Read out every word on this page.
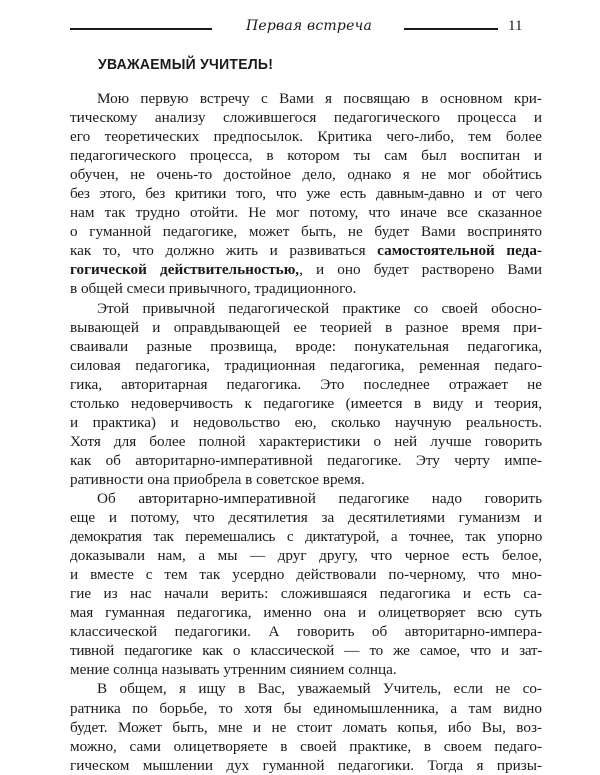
Первая встреча	11
УВАЖАЕМЫЙ УЧИТЕЛЬ!
Мою первую встречу с Вами я посвящаю в основном кри-
тическому анализу сложившегося педагогического процесса и
его теоретических предпосылок. Критика чего-либо, тем более
педагогического процесса, в котором ты сам был воспитан и
обучен, не очень-то достойное дело, однако я не мог обойтись
без этого, без критики того, что уже есть давным-давно и от чего
нам так трудно отойти. Не мог потому, что иначе все сказанное
о гуманной педагогике, может быть, не будет Вами воспринято
как то, что должно жить и развиваться самостоятельной педа-
гогической действительностью,, и оно будет растворено Вами
в общей смеси привычного, традиционного.
Этой привычной педагогической практике со своей обосно-
вывающей и оправдывающей ее теорией в разное время при-
сваивали разные прозвища, вроде: понукательная педагогика,
силовая педагогика, традиционная педагогика, ременная педаго-
гика, авторитарная педагогика. Это последнее отражает не
столько недоверчивость к педагогике (имеется в виду и теория,
и практика) и недовольство ею, сколько научную реальность.
Хотя для более полной характеристики о ней лучше говорить
как об авторитарно-императивной педагогике. Эту черту импе-
ративности она приобрела в советское время.
Об авторитарно-императивной педагогике надо говорить
еще и потому, что десятилетия за десятилетиями гуманизм и
демократия так перемешались с диктатурой, а точнее, так упорно
доказывали нам, а мы — друг другу, что черное есть белое,
и вместе с тем так усердно действовали по-черному, что мно-
гие из нас начали верить: сложившаяся педагогика и есть са-
мая гуманная педагогика, именно она и олицетворяет всю суть
классической педагогики. А говорить об авторитарно-импера-
тивной педагогике как о классической — то же самое, что и зат-
мение солнца называть утренним сиянием солнца.
В общем, я ищу в Вас, уважаемый Учитель, если не со-
ратника по борьбе, то хотя бы единомышленника, а там видно
будет. Может быть, мне и не стоит ломать копья, ибо Вы, воз-
можно, сами олицетворяете в своей практике, в своем педаго-
гическом мышлении дух гуманной педагогики. Тогда я призы-
